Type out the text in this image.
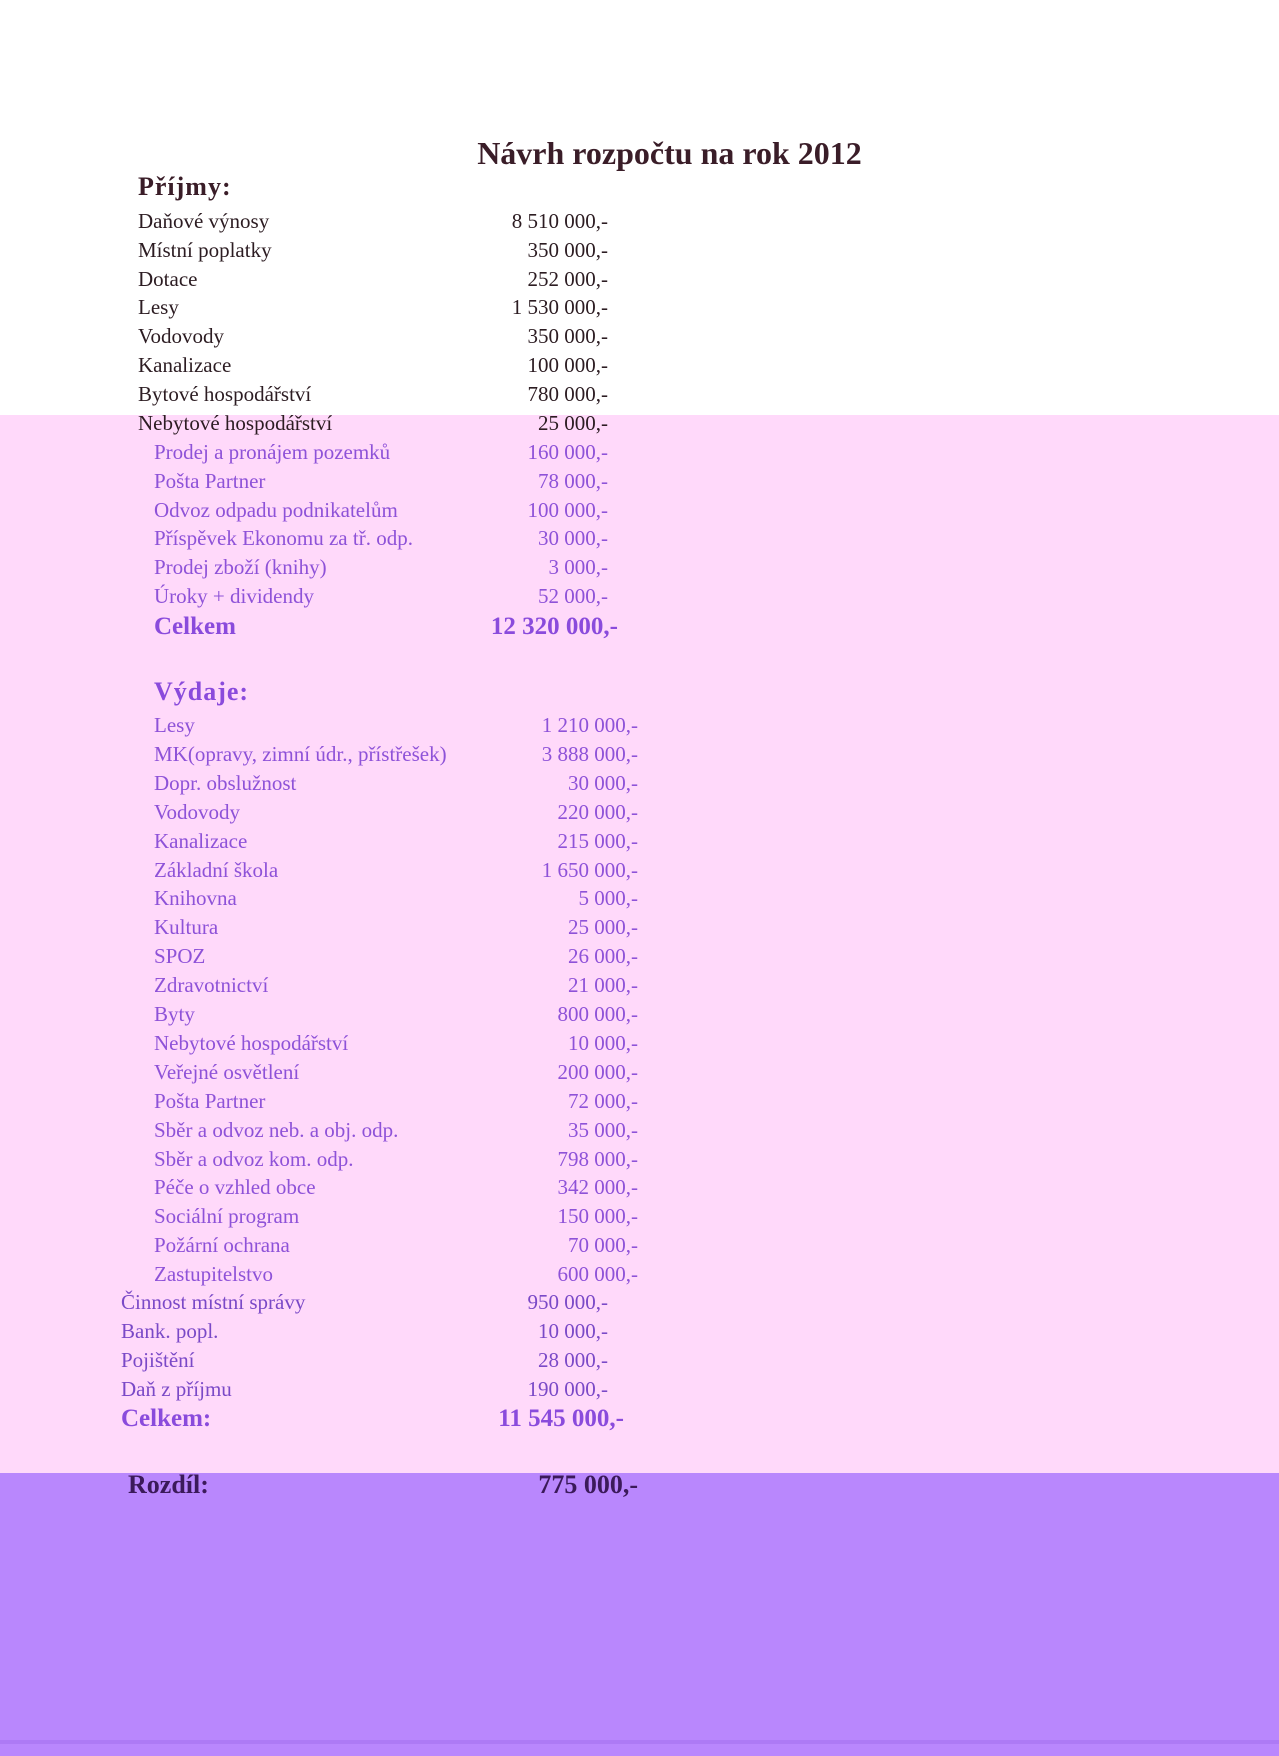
Návrh rozpočtu na rok 2012
Příjmy:
Daňové výnosy	8 510 000,-
Místní poplatky	350 000,-
Dotace	252 000,-
Lesy	1 530 000,-
Vodovody	350 000,-
Kanalizace	100 000,-
Bytové hospodářství	780 000,-
Nebytové hospodářství	25 000,-
Prodej a pronájem pozemků	160 000,-
Pošta Partner	78 000,-
Odvoz odpadu podnikatelům	100 000,-
Příspěvek Ekonomu za tř. odp.	30 000,-
Prodej zboží (knihy)	3 000,-
Úroky + dividendy	52 000,-
Celkem	12 320 000,-
Výdaje:
Lesy	1 210 000,-
MK(opravy, zimní údr., přístřešek)	3 888 000,-
Dopr. obslužnost	30 000,-
Vodovody	220 000,-
Kanalizace	215 000,-
Základní škola	1 650 000,-
Knihovna	5 000,-
Kultura	25 000,-
SPOZ	26 000,-
Zdravotnictví	21 000,-
Byty	800 000,-
Nebytové hospodářství	10 000,-
Veřejné osvětlení	200 000,-
Pošta Partner	72 000,-
Sběr a odvoz neb. a obj. odp.	35 000,-
Sběr a odvoz kom. odp.	798 000,-
Péče o vzhled obce	342 000,-
Sociální program	150 000,-
Požární ochrana	70 000,-
Zastupitelstvo	600 000,-
Činnost místní správy	950 000,-
Bank. popl.	10 000,-
Pojištění	28 000,-
Daň z příjmu	190 000,-
Celkem:	11 545 000,-
Rozdíl:	775 000,-
